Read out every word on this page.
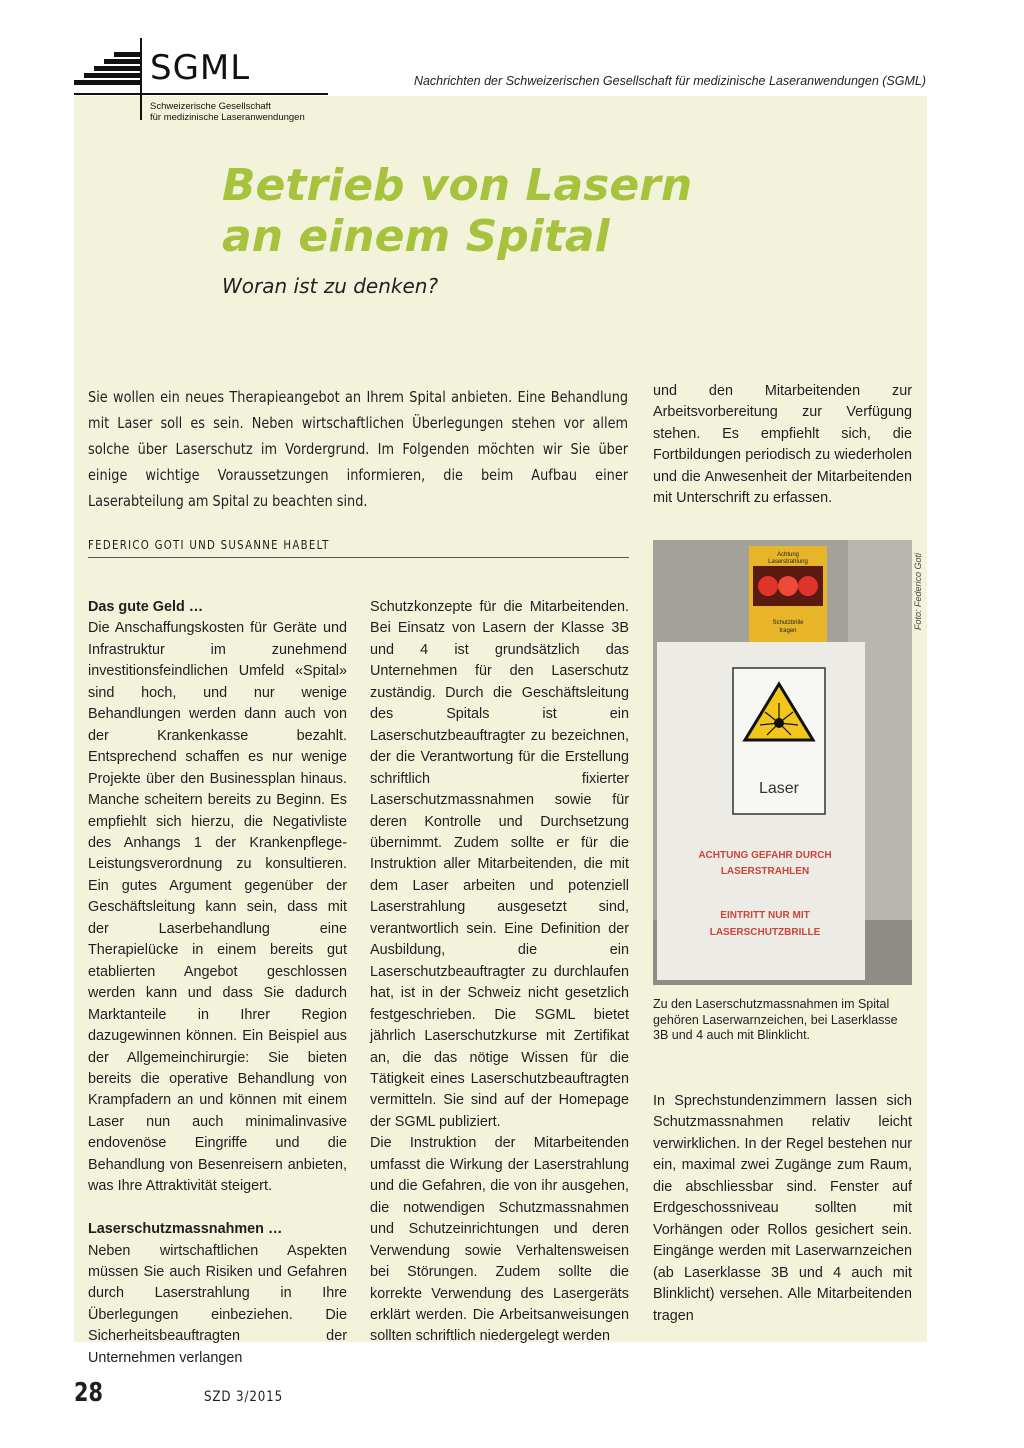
SGML
Schweizerische Gesellschaft
für medizinische Laseranwendungen
Nachrichten der Schweizerischen Gesellschaft für medizinische Laseranwendungen (SGML)
Betrieb von Lasern
an einem Spital
Woran ist zu denken?
Sie wollen ein neues Therapieangebot an Ihrem Spital anbieten. Eine Behandlung mit Laser soll es sein. Neben wirtschaftlichen Überlegungen stehen vor allem solche über Laserschutz im Vordergrund. Im Folgenden möchten wir Sie über einige wichtige Voraussetzungen informieren, die beim Aufbau einer Laserabteilung am Spital zu beachten sind.
FEDERICO GOTI UND SUSANNE HABELT

Das gute Geld …

Die Anschaffungskosten für Geräte und Infrastruktur im zunehmend investitionsfeindlichen Umfeld «Spital» sind hoch, und nur wenige Behandlungen werden dann auch von der Krankenkasse bezahlt. Entsprechend schaffen es nur wenige Projekte über den Businessplan hinaus. Manche scheitern bereits zu Beginn. Es empfiehlt sich hierzu, die Negativliste des Anhangs 1 der Krankenpflege-Leistungsverordnung zu konsultieren. Ein gutes Argument gegenüber der Geschäftsleitung kann sein, dass mit der Laserbehandlung eine Therapielücke in einem bereits gut etablierten Angebot geschlossen werden kann und dass Sie dadurch Marktanteile in Ihrer Region dazugewinnen können. Ein Beispiel aus der Allgemeinchirurgie: Sie bieten bereits die operative Behandlung von Krampfadern an und können mit einem Laser nun auch minimalinvasive endovenöse Eingriffe und die Behandlung von Besenreisern anbieten, was Ihre Attraktivität steigert.

Laserschutzmassnahmen …

Neben wirtschaftlichen Aspekten müssen Sie auch Risiken und Gefahren durch Laserstrahlung in Ihre Überlegungen einbeziehen. Die Sicherheitsbeauftragten der Unternehmen verlangen

Schutzkonzepte für die Mitarbeitenden. Bei Einsatz von Lasern der Klasse 3B und 4 ist grundsätzlich das Unternehmen für den Laserschutz zuständig. Durch die Geschäftsleitung des Spitals ist ein Laserschutzbeauftragter zu bezeichnen, der die Verantwortung für die Erstellung schriftlich fixierter Laserschutzmassnahmen sowie für deren Kontrolle und Durchsetzung übernimmt. Zudem sollte er für die Instruktion aller Mitarbeitenden, die mit dem Laser arbeiten und potenziell Laserstrahlung ausgesetzt sind, verantwortlich sein. Eine Definition der Ausbildung, die ein Laserschutzbeauftragter zu durchlaufen hat, ist in der Schweiz nicht gesetzlich festgeschrieben. Die SGML bietet jährlich Laserschutzkurse mit Zertifikat an, die das nötige Wissen für die Tätigkeit eines Laserschutzbeauftragten vermitteln. Sie sind auf der Homepage der SGML publiziert.

Die Instruktion der Mitarbeitenden umfasst die Wirkung der Laserstrahlung und die Gefahren, die von ihr ausgehen, die notwendigen Schutzmassnahmen und Schutzeinrichtungen und deren Verwendung sowie Verhaltensweisen bei Störungen. Zudem sollte die korrekte Verwendung des Lasergeräts erklärt werden. Die Arbeitsanweisungen sollten schriftlich niedergelegt werden

und den Mitarbeitenden zur Arbeitsvorbereitung zur Verfügung stehen. Es empfiehlt sich, die Fortbildungen periodisch zu wiederholen und die Anwesenheit der Mitarbeitenden mit Unterschrift zu erfassen.

Achtung
Laserstrahlung
Schutzbrille
tragen
Laser
ACHTUNG GEFAHR DURCH
LASERSTRAHLEN
EINTRITT NUR MIT
LASERSCHUTZBRILLE
Foto: Federico Goti
Zu den Laserschutzmassnahmen im Spital gehören Laserwarnzeichen, bei Laserklasse 3B und 4 auch mit Blinklicht.

In Sprechstundenzimmern lassen sich Schutzmassnahmen relativ leicht verwirklichen. In der Regel bestehen nur ein, maximal zwei Zugänge zum Raum, die abschliessbar sind. Fenster auf Erdgeschossniveau sollten mit Vorhängen oder Rollos gesichert sein. Eingänge werden mit Laserwarnzeichen (ab Laserklasse 3B und 4 auch mit Blinklicht) versehen. Alle Mitarbeitenden tragen

28	SZD 3/2015
